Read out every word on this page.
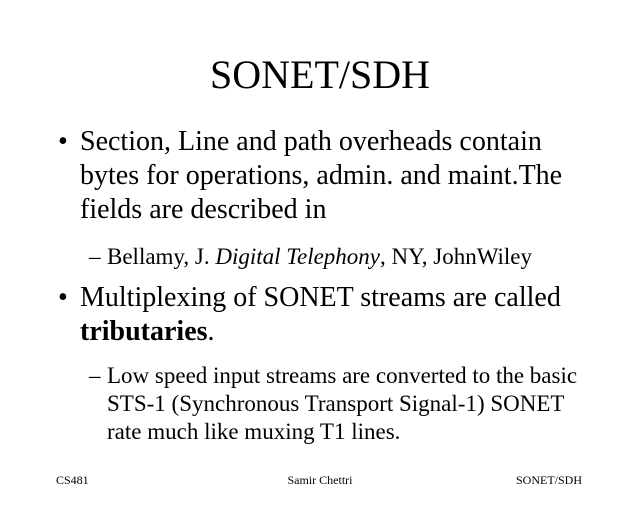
SONET/SDH
• Section, Line and path overheads contain bytes for operations, admin. and maint.The fields are described in
– Bellamy, J. Digital Telephony, NY, JohnWiley
• Multiplexing of SONET streams are called tributaries.
– Low speed input streams are converted to the basic STS-1 (Synchronous Transport Signal-1) SONET rate much like muxing T1 lines.
CS481	Samir Chettri	SONET/SDH
